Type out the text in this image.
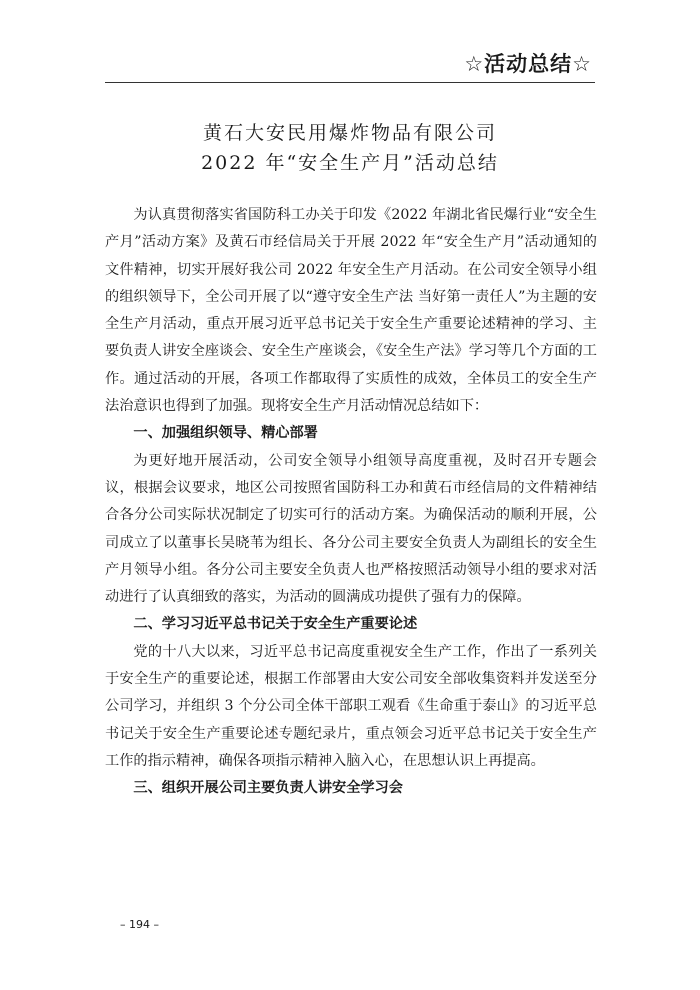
☆活动总结☆
黄石大安民用爆炸物品有限公司
2022 年“安全生产月”活动总结

为认真贯彻落实省国防科工办关于印发《2022 年湖北省民爆行业“安全生产月”活动方案》及黄石市经信局关于开展 2022 年“安全生产月”活动通知的文件精神，切实开展好我公司 2022 年安全生产月活动。在公司安全领导小组的组织领导下，全公司开展了以“遵守安全生产法 当好第一责任人”为主题的安全生产月活动，重点开展习近平总书记关于安全生产重要论述精神的学习、主要负责人讲安全座谈会、安全生产座谈会，《安全生产法》学习等几个方面的工作。通过活动的开展，各项工作都取得了实质性的成效，全体员工的安全生产法治意识也得到了加强。现将安全生产月活动情况总结如下：

一、加强组织领导、精心部署

为更好地开展活动，公司安全领导小组领导高度重视，及时召开专题会议，根据会议要求，地区公司按照省国防科工办和黄石市经信局的文件精神结合各分公司实际状况制定了切实可行的活动方案。为确保活动的顺利开展，公司成立了以董事长吴晓苇为组长、各分公司主要安全负责人为副组长的安全生产月领导小组。各分公司主要安全负责人也严格按照活动领导小组的要求对活动进行了认真细致的落实，为活动的圆满成功提供了强有力的保障。

二、学习习近平总书记关于安全生产重要论述

党的十八大以来，习近平总书记高度重视安全生产工作，作出了一系列关于安全生产的重要论述，根据工作部署由大安公司安全部收集资料并发送至分公司学习，并组织 3 个分公司全体干部职工观看《生命重于泰山》的习近平总书记关于安全生产重要论述专题纪录片，重点领会习近平总书记关于安全生产工作的指示精神，确保各项指示精神入脑入心，在思想认识上再提高。

三、组织开展公司主要负责人讲安全学习会

– 194 –
